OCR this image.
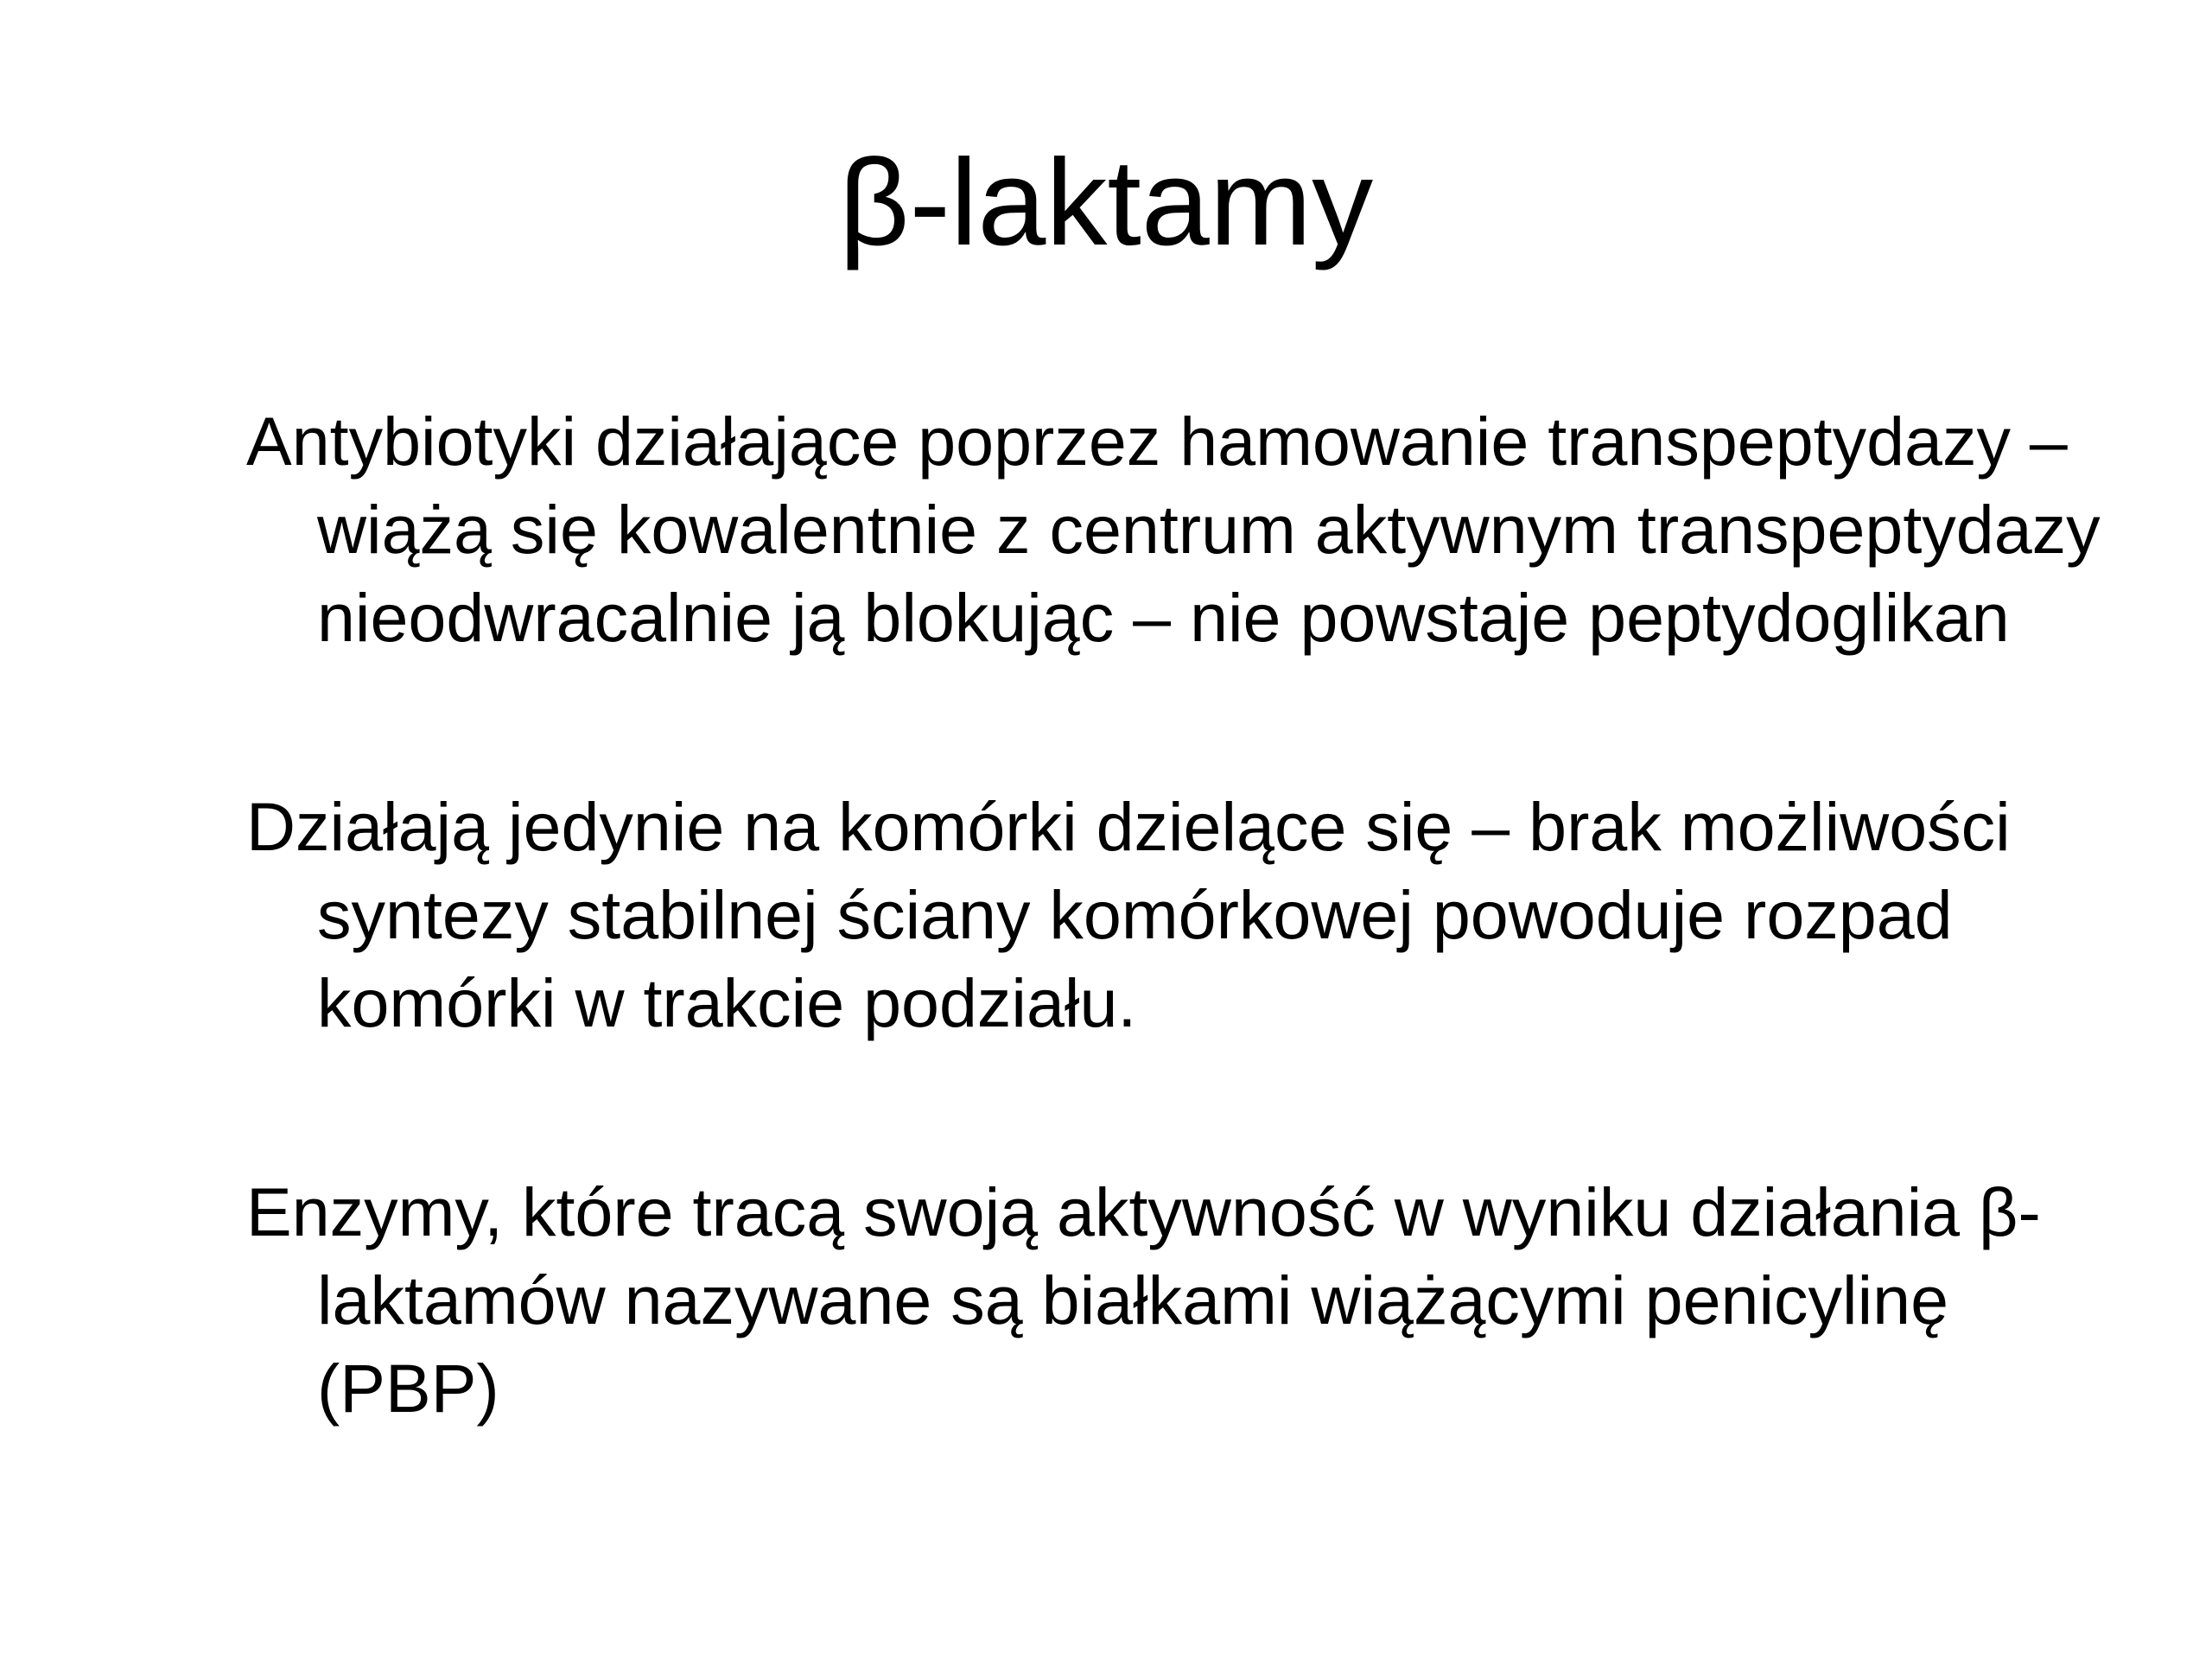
β-laktamy
Antybiotyki działające poprzez hamowanie transpeptydazy – wiążą się kowalentnie z centrum aktywnym transpeptydazy nieodwracalnie ją blokując – nie powstaje peptydoglikan
Działają jedynie na komórki dzielące się – brak możliwości syntezy stabilnej ściany komórkowej powoduje rozpad komórki w trakcie podziału.
Enzymy, które tracą swoją aktywność w wyniku działania β-laktamów nazywane są białkami wiążącymi penicylinę (PBP)
